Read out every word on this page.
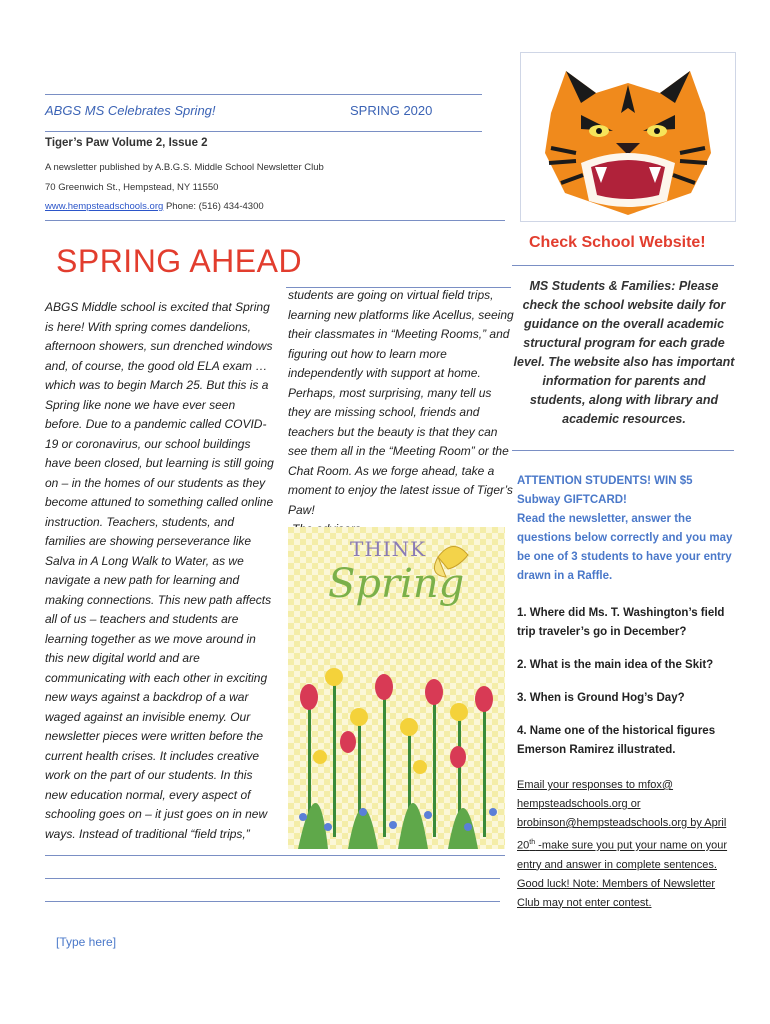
ABGS MS Celebrates Spring!	SPRING 2020
Tiger’s Paw Volume 2, Issue 2
A newsletter published by A.B.G.S. Middle School Newsletter Club
70 Greenwich St., Hempstead, NY 11550
www.hempsteadschools.org Phone: (516) 434-4300
SPRING AHEAD

ABGS Middle school is excited that Spring is here! With spring comes dandelions, afternoon showers, sun drenched windows and, of course, the good old ELA exam …which was to begin March 25. But this is a Spring like none we have ever seen before. Due to a pandemic called COVID-19 or coronavirus, our school buildings have been closed, but learning is still going on – in the homes of our students as they become attuned to something called online instruction. Teachers, students, and families are showing perseverance like Salva in A Long Walk to Water, as we navigate a new path for learning and making connections. This new path affects all of us – teachers and students are learning together as we move around in this new digital world and are communicating with each other in exciting new ways against a backdrop of a war waged against an invisible enemy. Our newsletter pieces were written before the current health crises. It includes creative work on the part of our students. In this new education normal, every aspect of schooling goes on – it just goes on in new ways. Instead of traditional “field trips,”

students are going on virtual field trips, learning new platforms like Acellus, seeing their classmates in “Meeting Rooms,” and figuring out how to learn more independently with support at home. Perhaps, most surprising, many tell us they are missing school, friends and teachers but the beauty is that they can see them all in the “Meeting Room” or the Chat Room. As we forge ahead, take a moment to enjoy the latest issue of Tiger’s Paw!

THINK
Spring
Check School Website!
MS Students & Families: Please check the school website daily for guidance on the overall academic structural program for each grade level. The website also has important information for parents and students, along with library and academic resources.
ATTENTION STUDENTS! WIN $5 Subway GIFTCARD!
Read the newsletter, answer the questions below correctly and you may be one of 3 students to have your entry drawn in a Raffle.
1. Where did Ms. T. Washington’s field trip traveler’s go in December?
2. What is the main idea of the Skit?
3. When is Ground Hog’s Day?
4. Name one of the historical figures Emerson Ramirez illustrated.
Email your responses to mfox@ hempsteadschools.org or brobinson@hempsteadschools.org by April 20th -make sure you put your name on your entry and answer in complete sentences. Good luck! Note: Members of Newsletter Club may not enter contest.
[Type here]
